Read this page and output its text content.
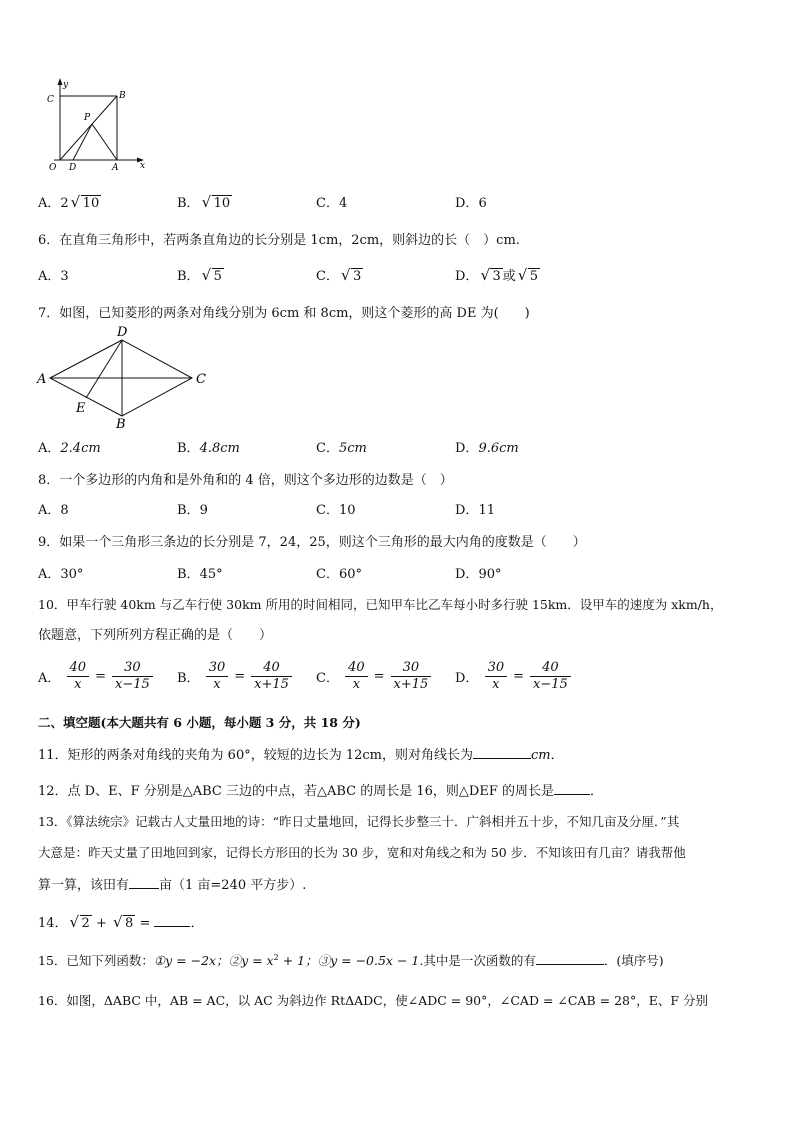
y
C	B
P
O D	A x
A．2 √ 10	B． √ 10	C．4	D．6
6．在直角三角形中，若两条直角边的长分别是 1cm，2cm，则斜边的长（　）cm.
A．3	B． √ 5	C． √ 3	D． √ 3 或 √ 5
7．如图，已知菱形的两条对角线分别为 6cm 和 8cm，则这个菱形的高 DE 为(　　)
D
A	C
E
B
A．2.4cm	B．4.8cm	C．5cm	D．9.6cm
8．一个多边形的内角和是外角和的 4 倍，则这个多边形的边数是（　）
A．8	B．9	C．10	D．11
9．如果一个三角形三条边的长分别是 7，24，25，则这个三角形的最大内角的度数是（　　）
A．30°	B．45°	C．60°	D．90°
10．甲车行驶 40km 与乙车行使 30km 所用的时间相同，已知甲车比乙车每小时多行驶 15km．设甲车的速度为 xkm/h，
依题意，下列所列方程正确的是（　　）
A． $\frac{40}{x} = \frac{30}{x-15}$ B． $\frac{30}{x} = \frac{40}{x+15}$ C． $\frac{40}{x} = \frac{30}{x+15}$ D． $\frac{30}{x} = \frac{40}{x-15}$
二、填空题(本大题共有 6 小题，每小题 3 分，共 18 分)
11．矩形的两条对角线的夹角为 60°，较短的边长为 12cm，则对角线长为	cm．
12．点 D、E、F 分别是△ABC 三边的中点，若△ABC 的周长是 16，则△DEF 的周长是	．
13．《算法统宗》记载古人丈量田地的诗：“昨日丈量地回，记得长步整三十．广斜相并五十步，不知几亩及分厘．”其
大意是：昨天丈量了田地回到家，记得长方形田的长为 30 步，宽和对角线之和为 50 步．不知该田有几亩？请我帮他
算一算，该田有 亩（1 亩=240 平方步）.
14． √ 2 + √ 8 =	．
15．已知下列函数：①y = −2x；②y = $x^2 + 1$；③y = −0.5x − 1.其中是一次函数的有	．(填序号)
16．如图，ΔABC 中，AB = AC，以 AC 为斜边作 RtΔADC，使∠ADC = 90°，∠CAD = ∠CAB = 28°，E、F 分别
